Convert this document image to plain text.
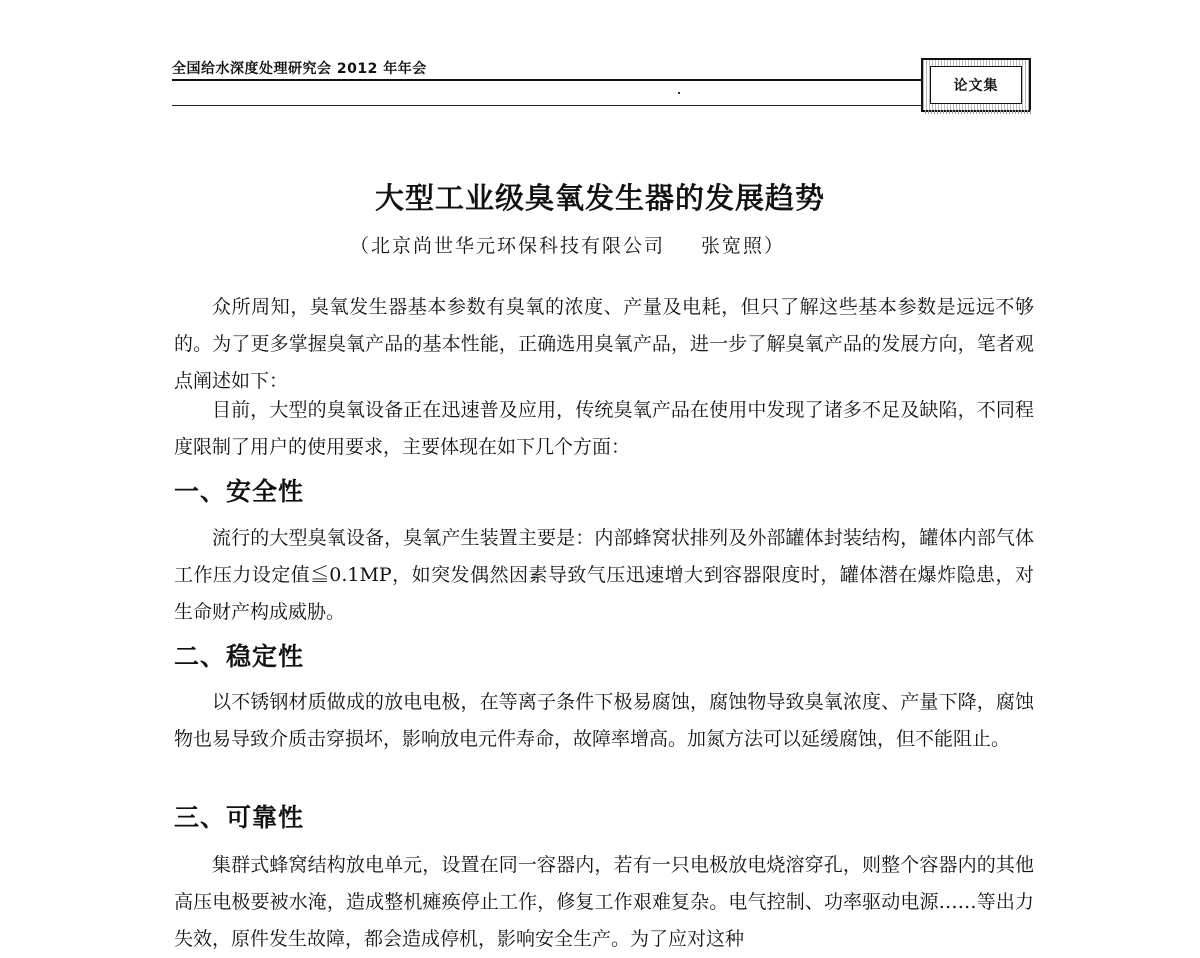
全国给水深度处理研究会 2012 年年会
论文集
大型工业级臭氧发生器的发展趋势
（北京尚世华元环保科技有限公司 张宽照）

众所周知，臭氧发生器基本参数有臭氧的浓度、产量及电耗，但只了解这些基本参数是远远不够的。为了更多掌握臭氧产品的基本性能，正确选用臭氧产品，进一步了解臭氧产品的发展方向，笔者观点阐述如下：

目前，大型的臭氧设备正在迅速普及应用，传统臭氧产品在使用中发现了诸多不足及缺陷，不同程度限制了用户的使用要求，主要体现在如下几个方面：

一、安全性

流行的大型臭氧设备，臭氧产生装置主要是：内部蜂窝状排列及外部罐体封装结构，罐体内部气体工作压力设定值≦0.1MP，如突发偶然因素导致气压迅速增大到容器限度时，罐体潜在爆炸隐患，对生命财产构成威胁。

二、稳定性

以不锈钢材质做成的放电电极，在等离子条件下极易腐蚀，腐蚀物导致臭氧浓度、产量下降，腐蚀物也易导致介质击穿损坏，影响放电元件寿命，故障率增高。加氮方法可以延缓腐蚀，但不能阻止。

三、可靠性

集群式蜂窝结构放电单元，设置在同一容器内，若有一只电极放电烧溶穿孔，则整个容器内的其他高压电极要被水淹，造成整机瘫痪停止工作，修复工作艰难复杂。电气控制、功率驱动电源……等出力失效，原件发生故障，都会造成停机，影响安全生产。为了应对这种
